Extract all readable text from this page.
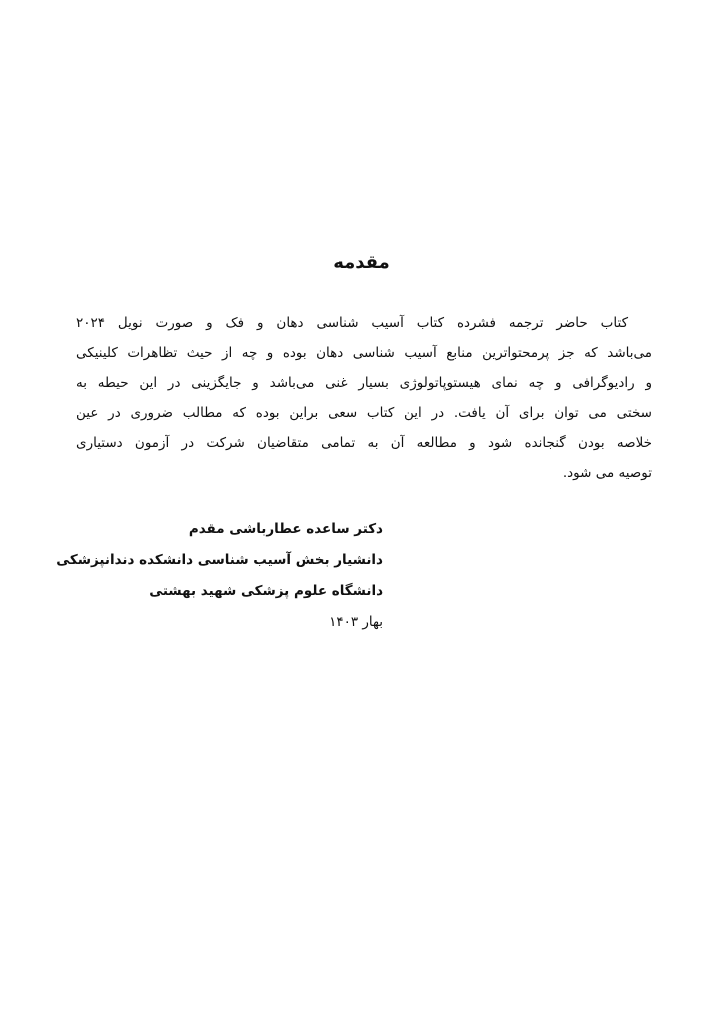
مقدمه
کتاب حاضر ترجمه فشرده کتاب آسیب شناسی دهان و فک و صورت نویل ۲۰۲۴
می‌باشد که جز پرمحتواترین منابع آسیب شناسی دهان بوده و چه از حیث تظاهرات کلینیکی
و رادیوگرافی و چه نمای هیستوپاتولوژی بسیار غنی می‌باشد و جایگزینی در این حیطه به
سختی می توان برای آن یافت. در این کتاب سعی براین بوده که مطالب ضروری در عین
خلاصه بودن گنجانده شود و مطالعه آن به تمامی متقاضیان شرکت در آزمون دستیاری
توصیه می شود.
دکتر ساعده عطارباشی مقدم
دانشیار بخش آسیب شناسی دانشکده دندانپزشکی
دانشگاه علوم پزشکی شهید بهشتی
بهار ۱۴۰۳
